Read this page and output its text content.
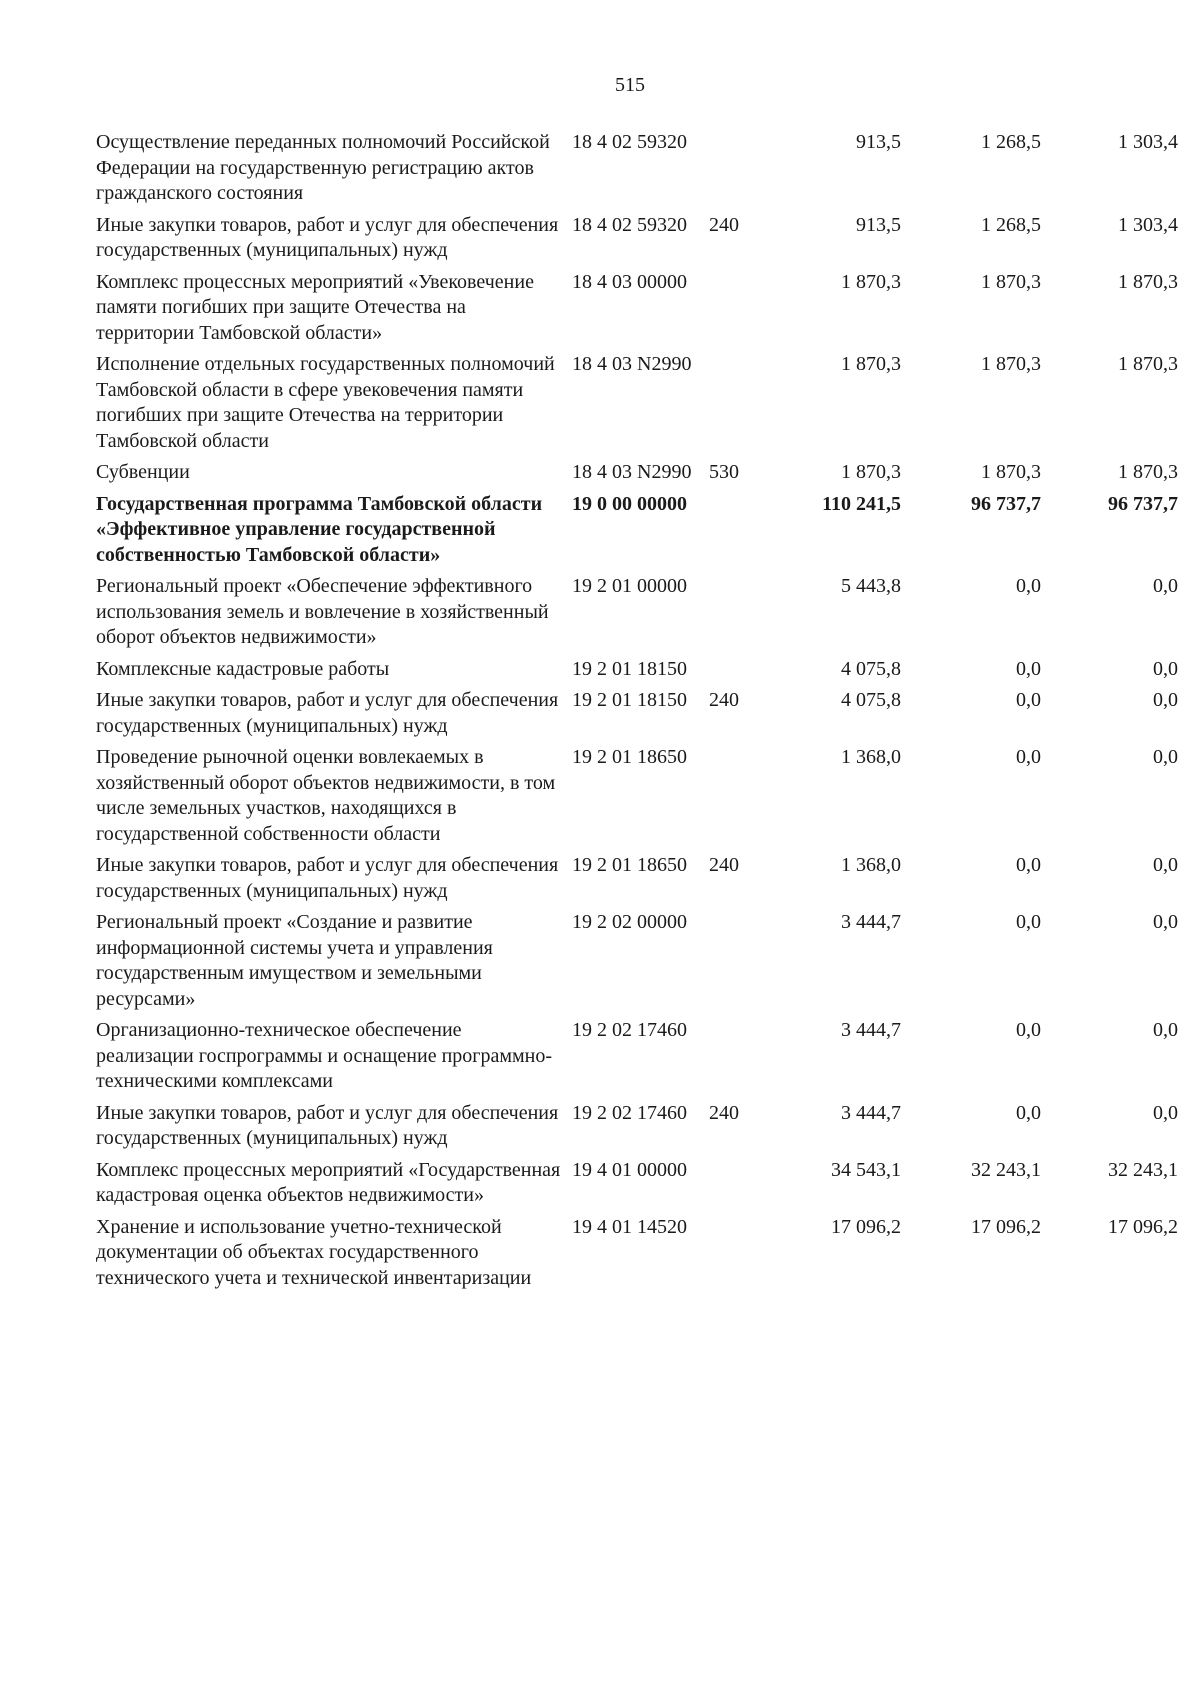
515
Осуществление переданных полномочий Российской Федерации на государственную регистрацию актов гражданского состояния	18 4 02 59320		913,5	1 268,5	1 303,4
Иные закупки товаров, работ и услуг для обеспечения государственных (муниципальных) нужд	18 4 02 59320	240	913,5	1 268,5	1 303,4
Комплекс процессных мероприятий «Увековечение памяти погибших при защите Отечества на территории Тамбовской области»	18 4 03 00000		1 870,3	1 870,3	1 870,3
Исполнение отдельных государственных полномочий Тамбовской области в сфере увековечения памяти погибших при защите Отечества на территории Тамбовской области	18 4 03 N2990		1 870,3	1 870,3	1 870,3
Субвенции	18 4 03 N2990	530	1 870,3	1 870,3	1 870,3
Государственная программа Тамбовской области «Эффективное управление государственной собственностью Тамбовской области»	19 0 00 00000		110 241,5	96 737,7	96 737,7
Региональный проект «Обеспечение эффективного использования земель и вовлечение в хозяйственный оборот объектов недвижимости»	19 2 01 00000		5 443,8	0,0	0,0
Комплексные кадастровые работы	19 2 01 18150		4 075,8	0,0	0,0
Иные закупки товаров, работ и услуг для обеспечения государственных (муниципальных) нужд	19 2 01 18150	240	4 075,8	0,0	0,0
Проведение рыночной оценки вовлекаемых в хозяйственный оборот объектов недвижимости, в том числе земельных участков, находящихся в государственной собственности области	19 2 01 18650		1 368,0	0,0	0,0
Иные закупки товаров, работ и услуг для обеспечения государственных (муниципальных) нужд	19 2 01 18650	240	1 368,0	0,0	0,0
Региональный проект «Создание и развитие информационной системы учета и управления государственным имуществом и земельными ресурсами»	19 2 02 00000		3 444,7	0,0	0,0
Организационно-техническое обеспечение реализации госпрограммы и оснащение программно-техническими комплексами	19 2 02 17460		3 444,7	0,0	0,0
Иные закупки товаров, работ и услуг для обеспечения государственных (муниципальных) нужд	19 2 02 17460	240	3 444,7	0,0	0,0
Комплекс процессных мероприятий «Государственная кадастровая оценка объектов недвижимости»	19 4 01 00000		34 543,1	32 243,1	32 243,1
Хранение и использование учетно-технической документации об объектах государственного технического учета и технической инвентаризации	19 4 01 14520		17 096,2	17 096,2	17 096,2
